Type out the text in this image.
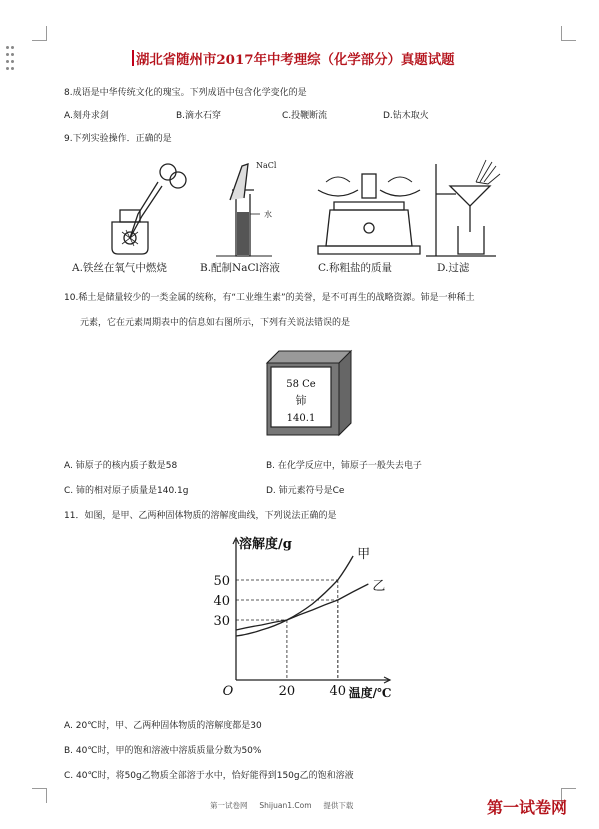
湖北省随州市2017年中考理综（化学部分）真题试题
8.成语是中华传统文化的瑰宝。下列成语中包含化学变化的是
A.刻舟求剑	B.滴水石穿	C.投鞭断流	D.钻木取火
9.下列实验操作．正确的是
NaCl
水
A.铁丝在氧气中燃烧	B.配制NaCl溶液	C.称粗盐的质量	D.过滤
10.稀土是储量较少的一类金属的统称，有“工业维生素”的美誉，是不可再生的战略资源。铈是一种稀土
元素，它在元素周期表中的信息如右图所示，下列有关说法错误的是
58 Ce
铈
140.1
A. 铈原子的核内质子数是58	B. 在化学反应中，铈原子一般失去电子
C. 铈的相对原子质量是140.1g	D. 铈元素符号是Ce
11．如图，是甲、乙两种固体物质的溶解度曲线，下列说法正确的是
甲
乙
30
40
50
20	40
O
溶解度/g
温度/℃
A. 20℃时，甲、乙两种固体物质的溶解度都是30
B. 40℃时，甲的饱和溶液中溶质质量分数为50%
C. 40℃时，将50g乙物质全部溶于水中，恰好能得到150g乙的饱和溶液
第一试卷网 Shijuan1.Com 提供下载	第一试卷网
